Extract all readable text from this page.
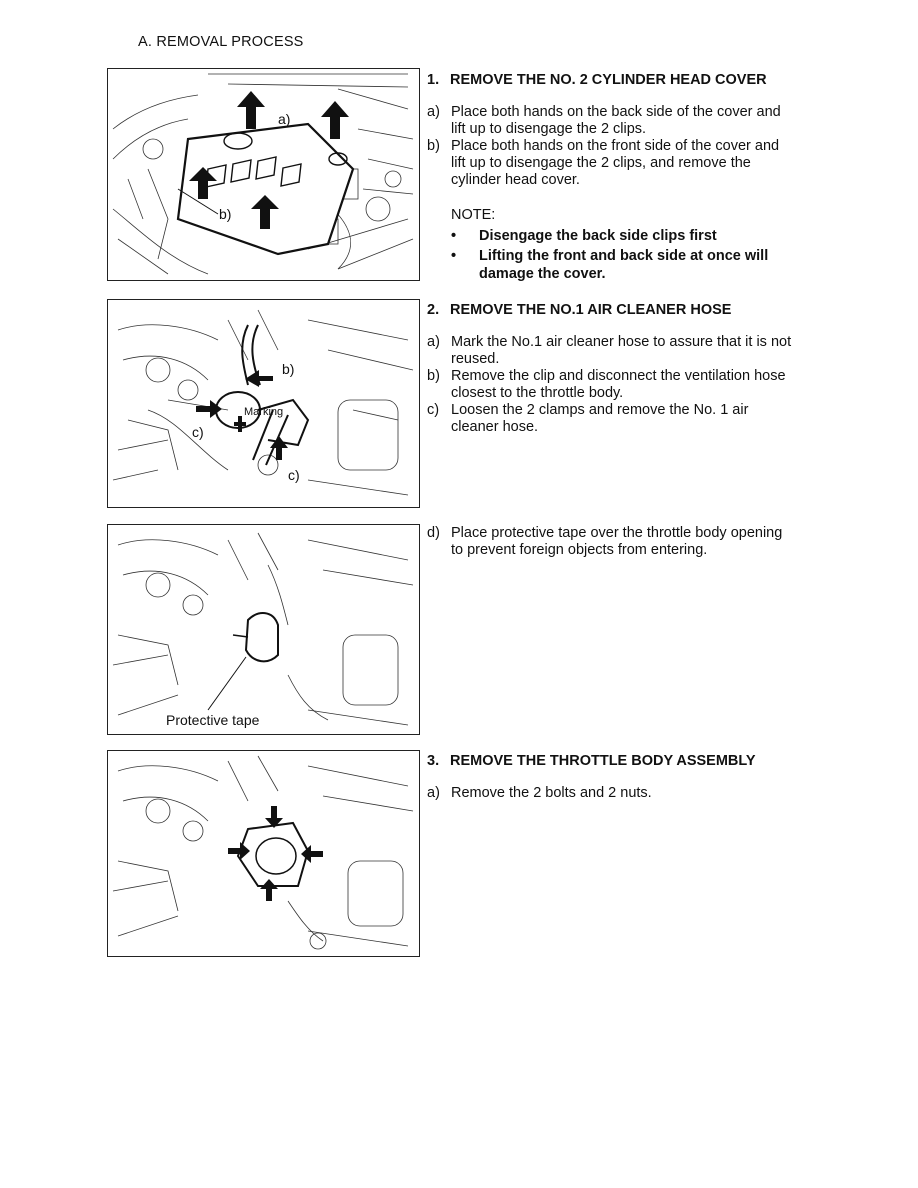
A. REMOVAL PROCESS
a)
b)
1. REMOVE THE NO. 2 CYLINDER HEAD COVER
a) Place both hands on the back side of the cover and lift up to disengage the 2 clips.
b) Place both hands on the front side of the cover and lift up to disengage the 2 clips, and remove the cylinder head cover.
NOTE:
•	Disengage the back side clips first
•	Lifting the front and back side at once will damage the cover.
b)
Marking
c)
c)
2. REMOVE THE NO.1 AIR CLEANER HOSE
a) Mark the No.1 air cleaner hose to assure that it is not reused.
b) Remove the clip and disconnect the ventilation hose closest to the throttle body.
c) Loosen the 2 clamps and remove the No. 1 air cleaner hose.
Protective tape
d) Place protective tape over the throttle body opening to prevent foreign objects from entering.
3. REMOVE THE THROTTLE BODY ASSEMBLY
a) Remove the 2 bolts and 2 nuts.
